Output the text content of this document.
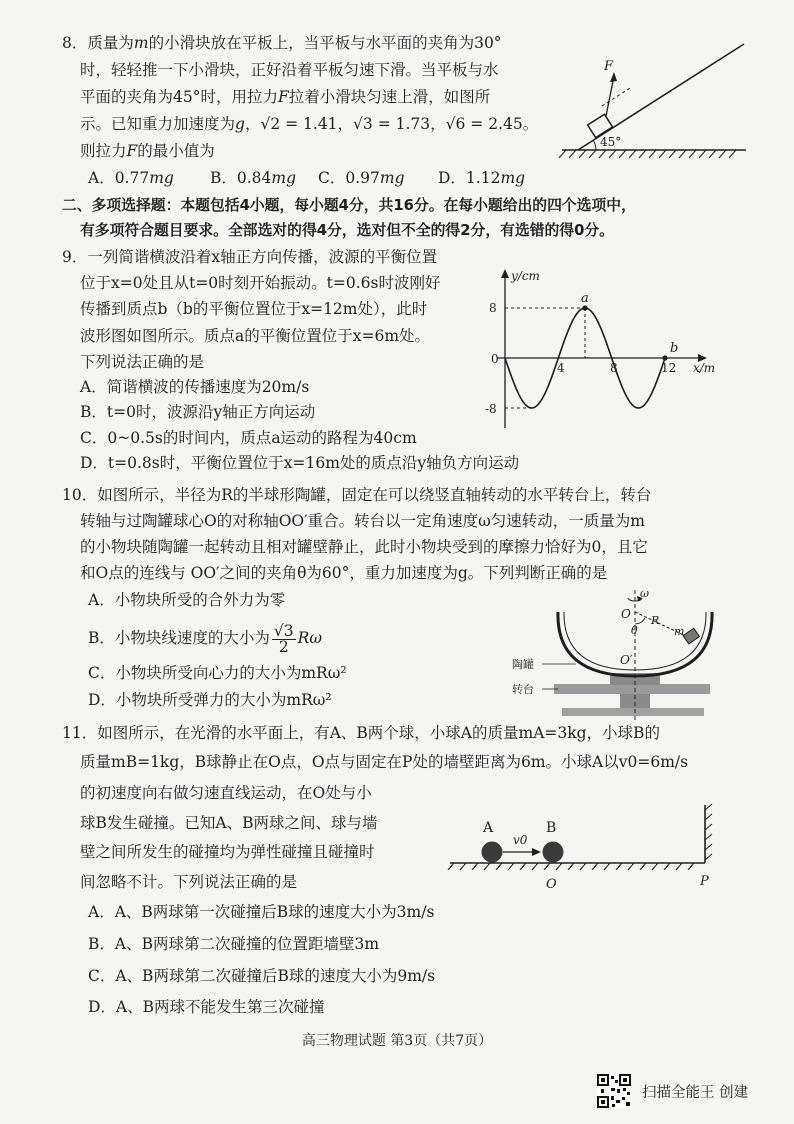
8．质量为m的小滑块放在平板上，当平板与水平面的夹角为30°
时，轻轻推一下小滑块，正好沿着平板匀速下滑。当平板与水
平面的夹角为45°时，用拉力F拉着小滑块匀速上滑，如图所
示。已知重力加速度为g，√2 = 1.41，√3 = 1.73，√6 = 2.45。
则拉力F的最小值为
A．0.77mg B．0.84mg C．0.97mg D．1.12mg
45°
F
二、多项选择题：本题包括4小题，每小题4分，共16分。在每小题给出的四个选项中，
有多项符合题目要求。全部选对的得4分，选对但不全的得2分，有选错的得0分。
9．一列简谐横波沿着x轴正方向传播，波源的平衡位置
位于x=0处且从t=0时刻开始振动。t=0.6s时波刚好
传播到质点b（b的平衡位置位于x=12m处），此时
波形图如图所示。质点a的平衡位置位于x=6m处。
下列说法正确的是
A．简谐横波的传播速度为20m/s
B．t=0时，波源沿y轴正方向运动
C．0~0.5s的时间内，质点a运动的路程为40cm
D．t=0.8s时，平衡位置位于x=16m处的质点沿y轴负方向运动
y/cm
x/m
8
0
-8
4	8	12
a
b
10．如图所示，半径为R的半球形陶罐，固定在可以绕竖直轴转动的水平转台上，转台
转轴与过陶罐球心O的对称轴OO′重合。转台以一定角速度ω匀速转动，一质量为m
的小物块随陶罐一起转动且相对罐壁静止，此时小物块受到的摩擦力恰好为0，且它
和O点的连线与 OO′之间的夹角θ为60°，重力加速度为g。下列判断正确的是
A．小物块所受的合外力为零
B．小物块线速度的大小为 $\frac{√3}{2}$ Rω
C．小物块所受向心力的大小为mRω²
D．小物块所受弹力的大小为mRω²
ω
O
O′
θ
R
m
陶罐
转台
11．如图所示，在光滑的水平面上，有A、B两个球，小球A的质量mA=3kg，小球B的
质量mB=1kg，B球静止在O点，O点与固定在P处的墙壁距离为6m。小球A以v0=6m/s
的初速度向右做匀速直线运动，在O处与小
球B发生碰撞。已知A、B两球之间、球与墙
壁之间所发生的碰撞均为弹性碰撞且碰撞时
间忽略不计。下列说法正确的是
A．A、B两球第一次碰撞后B球的速度大小为3m/s
B．A、B两球第二次碰撞的位置距墙壁3m
C．A、B两球第二次碰撞后B球的速度大小为9m/s
D．A、B两球不能发生第三次碰撞
v0
A	B
O	P
高三物理试题 第3页（共7页）
扫描全能王 创建
